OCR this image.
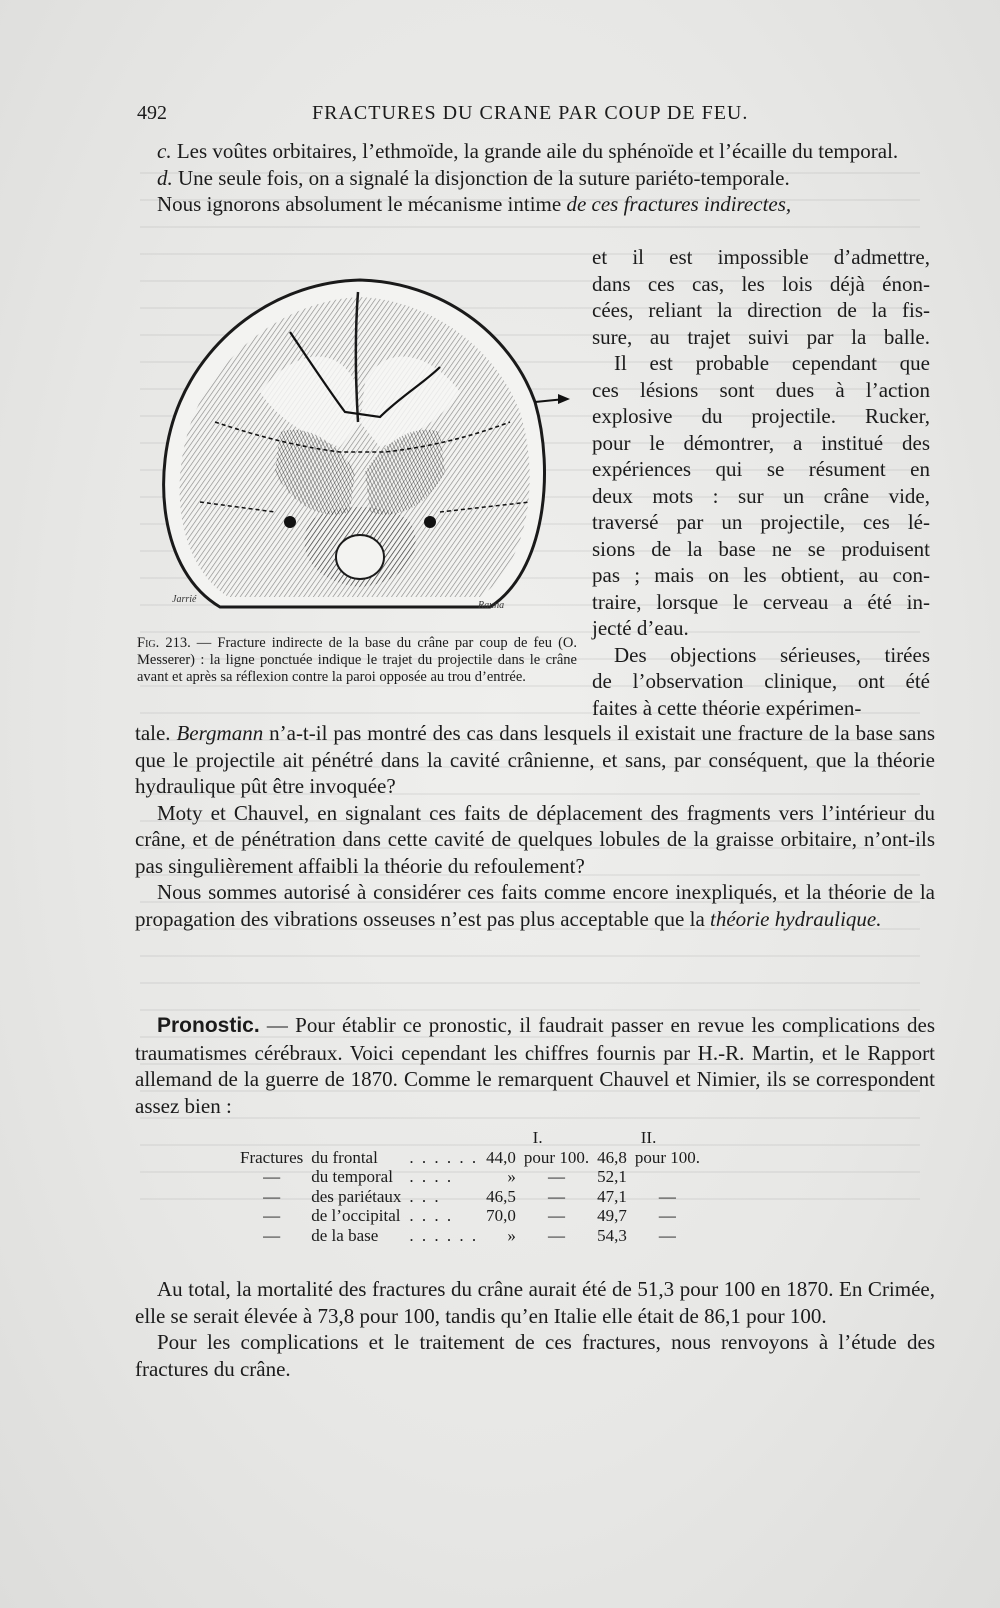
492	FRACTURES DU CRANE PAR COUP DE FEU.

c. Les voûtes orbitaires, l’ethmoïde, la grande aile du sphénoïde et l’écaille du temporal.

d. Une seule fois, on a signalé la disjonction de la suture pariéto-temporale.

Nous ignorons absolument le mécanisme intime de ces fractures indirectes,

et il est impossible d’admettre,
dans ces cas, les lois déjà énon-
cées, reliant la direction de la fis-
sure, au trajet suivi par la balle.
Il est probable cependant que
ces lésions sont dues à l’action
explosive du projectile. Rucker,
pour le démontrer, a institué des
expériences qui se résument en
deux mots : sur un crâne vide,
traversé par un projectile, ces lé-
sions de la base ne se produisent
pas ; mais on les obtient, au con-
traire, lorsque le cerveau a été in-
jecté d’eau.
Des objections sérieuses, tirées
de l’observation clinique, ont été
faites à cette théorie expérimen-
Jarrié
Rauna
Fig. 213. — Fracture indirecte de la base du crâne par coup de feu (O. Messerer) : la ligne ponctuée indique le trajet du projectile dans le crâne avant et après sa réflexion contre la paroi opposée au trou d’entrée.

tale. Bergmann n’a-t-il pas montré des cas dans lesquels il existait une fracture de la base sans que le projectile ait pénétré dans la cavité crânienne, et sans, par conséquent, que la théorie hydraulique pût être invoquée?

Moty et Chauvel, en signalant ces faits de déplacement des fragments vers l’intérieur du crâne, et de pénétration dans cette cavité de quelques lobules de la graisse orbitaire, n’ont-ils pas singulièrement affaibli la théorie du refoulement?

Nous sommes autorisé à considérer ces faits comme encore inexpliqués, et la théorie de la propagation des vibrations osseuses n’est pas plus acceptable que la théorie hydraulique.

Pronostic. — Pour établir ce pronostic, il faudrait passer en revue les complications des traumatismes cérébraux. Voici cependant les chiffres fournis par H.-R. Martin, et le Rapport allemand de la guerre de 1870. Comme le remarquent Chauvel et Nimier, ils se correspondent assez bien :

			I.		II.	
Fractures	du frontal	. . . . . .	44,0	pour 100.	46,8	pour 100.
—	du temporal	. . . .	»	—	52,1	
—	des pariétaux	. . .	46,5	—	47,1	—
—	de l’occipital	. . . .	70,0	—	49,7	—
—	de la base	. . . . . .	»	—	54,3	—

Au total, la mortalité des fractures du crâne aurait été de 51,3 pour 100 en 1870. En Crimée, elle se serait élevée à 73,8 pour 100, tandis qu’en Italie elle était de 86,1 pour 100.

Pour les complications et le traitement de ces fractures, nous renvoyons à l’étude des fractures du crâne.
